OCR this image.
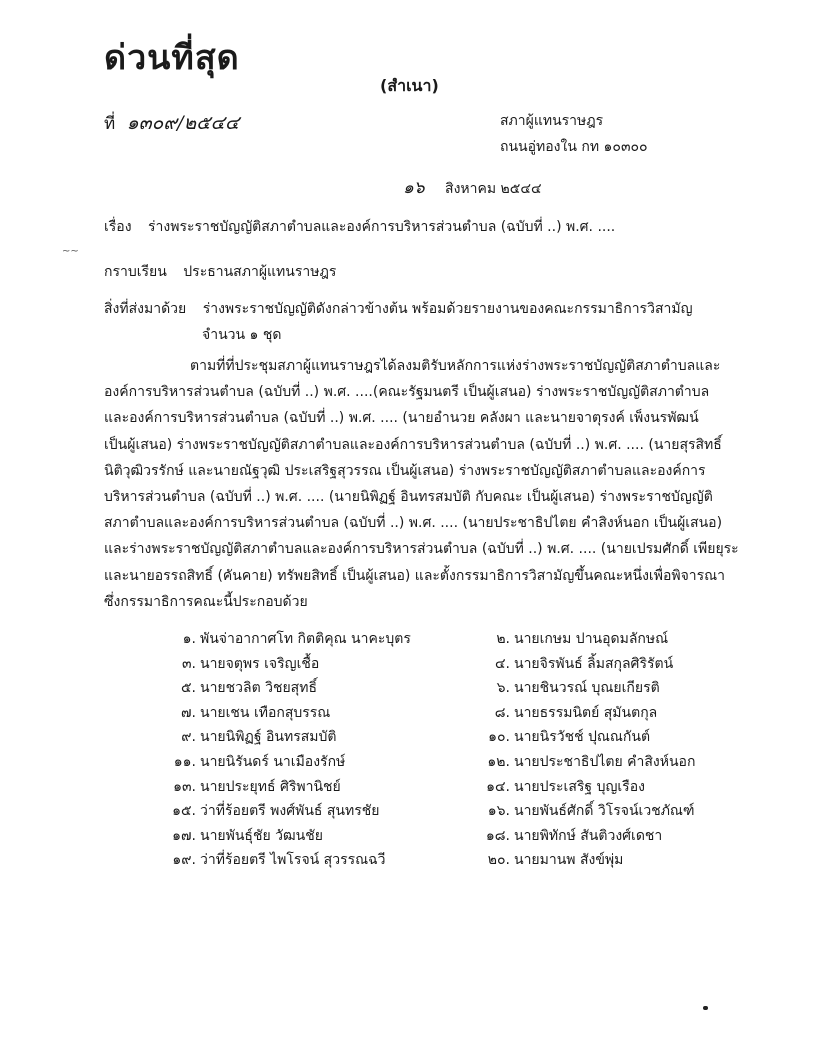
ด่วนที่สุด
(สำเนา)
ที่ ๑๓๐๙/๒๕๔๔	สภาผู้แทนราษฎร
ถนนอู่ทองใน กท ๑๐๓๐๐
๑๖ สิงหาคม ๒๕๔๔
เรื่อง ร่างพระราชบัญญัติสภาตำบลและองค์การบริหารส่วนตำบล (ฉบับที่ ..) พ.ศ. ....
~~
กราบเรียน ประธานสภาผู้แทนราษฎร
สิ่งที่ส่งมาด้วย ร่างพระราชบัญญัติดังกล่าวข้างต้น พร้อมด้วยรายงานของคณะกรรมาธิการวิสามัญ
จำนวน ๑ ชุด
ตามที่ที่ประชุมสภาผู้แทนราษฎรได้ลงมติรับหลักการแห่งร่างพระราชบัญญัติสภาตำบลและ
องค์การบริหารส่วนตำบล (ฉบับที่ ..) พ.ศ. ....(คณะรัฐมนตรี เป็นผู้เสนอ) ร่างพระราชบัญญัติสภาตำบล
และองค์การบริหารส่วนตำบล (ฉบับที่ ..) พ.ศ. .... (นายอำนวย คลังผา และนายจาตุรงค์ เพ็งนรพัฒน์
เป็นผู้เสนอ) ร่างพระราชบัญญัติสภาตำบลและองค์การบริหารส่วนตำบล (ฉบับที่ ..) พ.ศ. .... (นายสุรสิทธิ์
นิติวุฒิวรรักษ์ และนายณัฐวุฒิ ประเสริฐสุวรรณ เป็นผู้เสนอ) ร่างพระราชบัญญัติสภาตำบลและองค์การ
บริหารส่วนตำบล (ฉบับที่ ..) พ.ศ. .... (นายนิพิฏฐ์ อินทรสมบัติ กับคณะ เป็นผู้เสนอ) ร่างพระราชบัญญัติ
สภาตำบลและองค์การบริหารส่วนตำบล (ฉบับที่ ..) พ.ศ. .... (นายประชาธิปไตย คำสิงห์นอก เป็นผู้เสนอ)
และร่างพระราชบัญญัติสภาตำบลและองค์การบริหารส่วนตำบล (ฉบับที่ ..) พ.ศ. .... (นายเปรมศักดิ์ เพียยุระ
และนายอรรถสิทธิ์ (คันคาย) ทรัพยสิทธิ์ เป็นผู้เสนอ) และตั้งกรรมาธิการวิสามัญขึ้นคณะหนึ่งเพื่อพิจารณา
ซึ่งกรรมาธิการคณะนี้ประกอบด้วย
๑. พันจ่าอากาศโท กิตติคุณ นาคะบุตร
๓. นายจตุพร เจริญเชื้อ
๕. นายชวลิต วิชยสุทธิ์
๗. นายเชน เทือกสุบรรณ
๙. นายนิพิฏฐ์ อินทรสมบัติ
๑๑. นายนิรันดร์ นาเมืองรักษ์
๑๓. นายประยุทธ์ ศิริพานิชย์
๑๕. ว่าที่ร้อยตรี พงศ์พันธ์ สุนทรชัย
๑๗. นายพันธุ์ชัย วัฒนชัย
๑๙. ว่าที่ร้อยตรี ไพโรจน์ สุวรรณฉวี
๒. นายเกษม ปานอุดมลักษณ์
๔. นายจิรพันธ์ ลิ้มสกุลศิริรัตน์
๖. นายชินวรณ์ บุณยเกียรติ
๘. นายธรรมนิตย์ สุมันตกุล
๑๐. นายนิรวัชช์ ปุณณกันต์
๑๒. นายประชาธิปไตย คำสิงห์นอก
๑๔. นายประเสริฐ บุญเรือง
๑๖. นายพันธ์ศักดิ์ วิโรจน์เวชภัณฑ์
๑๘. นายพิทักษ์ สันติวงศ์เดชา
๒๐. นายมานพ สังข์พุ่ม
